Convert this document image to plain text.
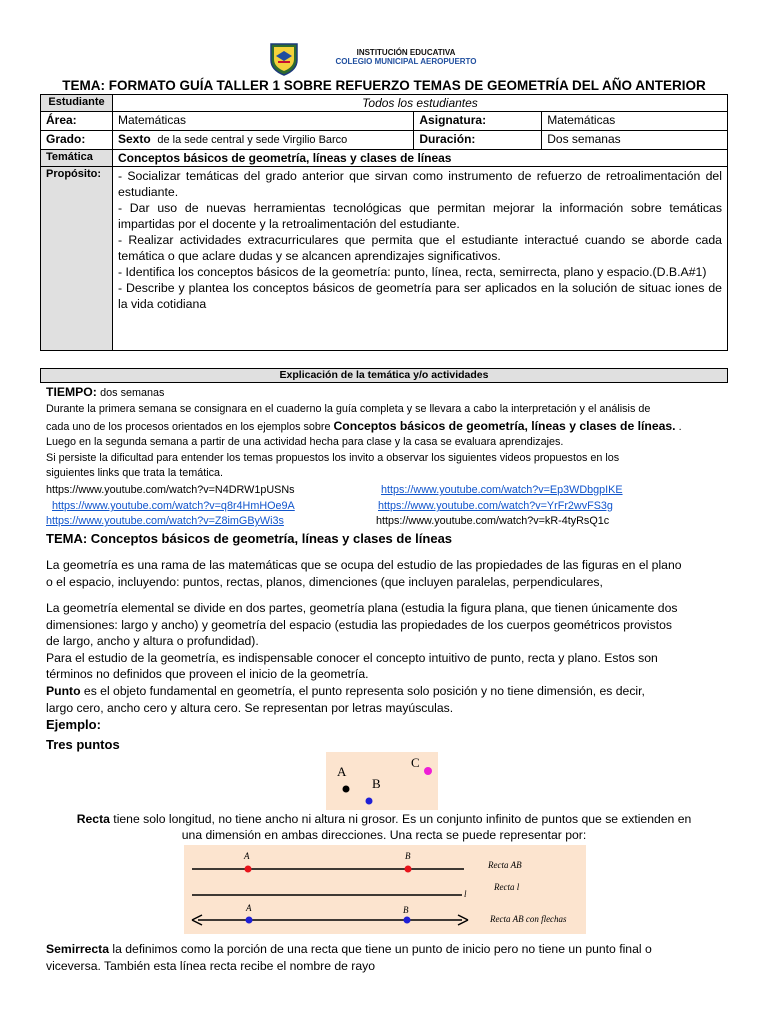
INSTITUCIÓN EDUCATIVA
COLEGIO MUNICIPAL AEROPUERTO
TEMA: FORMATO GUÍA TALLER 1 SOBRE REFUERZO TEMAS DE GEOMETRÍA DEL AÑO ANTERIOR
Estudiante	Todos los estudiantes		
Área:	Matemáticas	Asignatura:	Matemáticas
Grado:	Sexto de la sede central y sede Virgilio Barco	Duración:	Dos semanas
Temática	Conceptos básicos de geometría, líneas y clases de líneas		
Propósito:	- Socializar temáticas del grado anterior que sirvan como instrumento de refuerzo de retroalimentación del estudiante.
- Dar uso de nuevas herramientas tecnológicas que permitan mejorar la información sobre temáticas impartidas por el docente y la retroalimentación del estudiante.
- Realizar actividades extracurriculares que permita que el estudiante interactué cuando se aborde cada temática o que aclare dudas y se alcancen aprendizajes significativos.
- Identifica los conceptos básicos de la geometría: punto, línea, recta, semirrecta, plano y espacio.(D.B.A#1)
- Describe y plantea los conceptos básicos de geometría para ser aplicados en la solución de situac iones de la vida cotidiana		
Explicación de la temática y/o actividades
TIEMPO: dos semanas
Durante la primera semana se consignara en el cuaderno la guía completa y se llevara a cabo la interpretación y el análisis de
cada uno de los procesos orientados en los ejemplos sobre Conceptos básicos de geometría, líneas y clases de líneas. .
Luego en la segunda semana a partir de una actividad hecha para clase y la casa se evaluara aprendizajes.
Si persiste la dificultad para entender los temas propuestos los invito a observar los siguientes videos propuestos en los
siguientes links que trata la temática.
https://www.youtube.com/watch?v=N4DRW1pUSNs	https://www.youtube.com/watch?v=Ep3WDbgpIKE
https://www.youtube.com/watch?v=q8r4HmHOe9A	https://www.youtube.com/watch?v=YrFr2wvFS3g
https://www.youtube.com/watch?v=Z8imGByWi3s	https://www.youtube.com/watch?v=kR-4tyRsQ1c
TEMA: Conceptos básicos de geometría, líneas y clases de líneas
La geometría es una rama de las matemáticas que se ocupa del estudio de las propiedades de las figuras en el plano
o el espacio, incluyendo: puntos, rectas, planos, dimenciones (que incluyen paralelas, perpendiculares,
La geometría elemental se divide en dos partes, geometría plana (estudia la figura plana, que tienen únicamente dos
dimensiones: largo y ancho) y geometría del espacio (estudia las propiedades de los cuerpos geométricos provistos
de largo, ancho y altura o profundidad).
Para el estudio de la geometría, es indispensable conocer el concepto intuitivo de punto, recta y plano. Estos son
términos no definidos que proveen el inicio de la geometría.
Punto es el objeto fundamental en geometría, el punto representa solo posición y no tiene dimensión, es decir,
largo cero, ancho cero y altura cero. Se representan por letras mayúsculas.
Ejemplo:
Tres puntos
A
B
C
Recta tiene solo longitud, no tiene ancho ni altura ni grosor. Es un conjunto infinito de puntos que se extienden en
una dimensión en ambas direcciones. Una recta se puede representar por:
A	B
Recta AB
l
Recta l
A	B
Recta AB con flechas
Semirrecta la definimos como la porción de una recta que tiene un punto de inicio pero no tiene un punto final o
viceversa. También esta línea recta recibe el nombre de rayo
